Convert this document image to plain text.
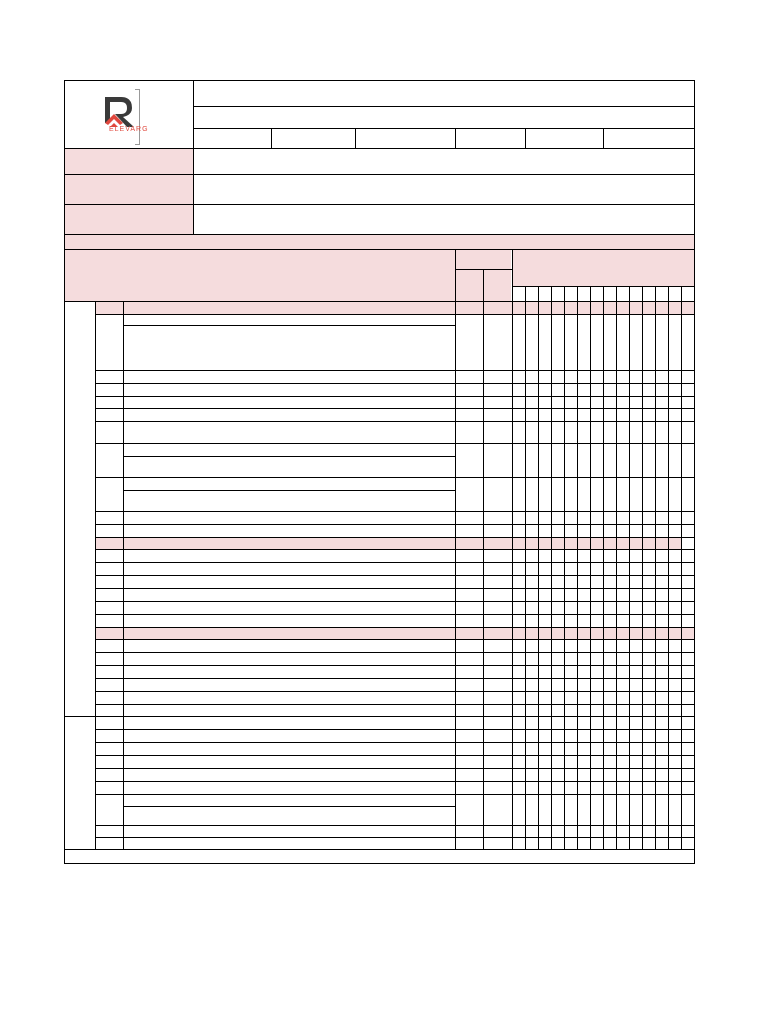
ELEVARG
